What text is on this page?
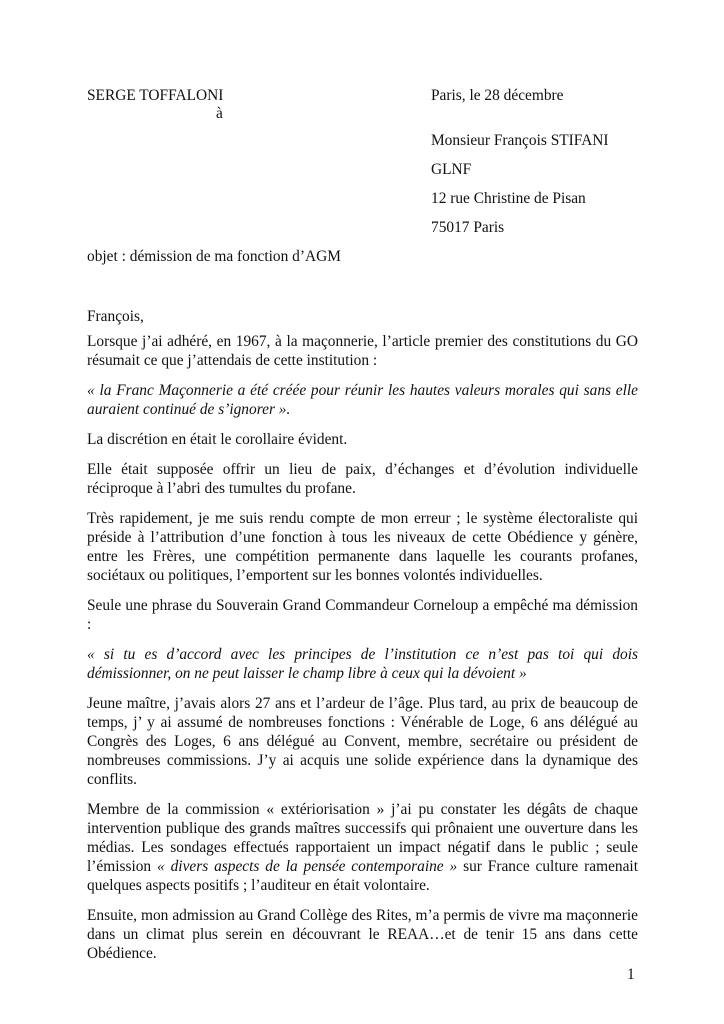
SERGE TOFFALONI
à
Paris, le 28 décembre
Monsieur François STIFANI
GLNF
12 rue Christine de Pisan
75017 Paris
objet : démission de ma fonction d’AGM
François,

Lorsque j’ai adhéré, en 1967, à la maçonnerie, l’article premier des constitutions du GO résumait ce que j’attendais de cette institution :

« la Franc Maçonnerie a été créée pour réunir les hautes valeurs morales qui sans elle auraient continué de s’ignorer ».

La discrétion en était le corollaire évident.

Elle était supposée offrir un lieu de paix, d’échanges et d’évolution individuelle réciproque à l’abri des tumultes du profane.

Très rapidement, je me suis rendu compte de mon erreur ; le système électoraliste qui préside à l’attribution d’une fonction à tous les niveaux de cette Obédience y génère, entre les Frères, une compétition permanente dans laquelle les courants profanes, sociétaux ou politiques, l’emportent sur les bonnes volontés individuelles.

Seule une phrase du Souverain Grand Commandeur Corneloup a empêché ma démission :

« si tu es d’accord avec les principes de l’institution ce n’est pas toi qui dois démissionner, on ne peut laisser le champ libre à ceux qui la dévoient »

Jeune maître, j’avais alors 27 ans et l’ardeur de l’âge. Plus tard, au prix de beaucoup de temps, j’ y ai assumé de nombreuses fonctions : Vénérable de Loge, 6 ans délégué au Congrès des Loges, 6 ans délégué au Convent, membre, secrétaire ou président de nombreuses commissions. J’y ai acquis une solide expérience dans la dynamique des conflits.

Membre de la commission « extériorisation » j’ai pu constater les dégâts de chaque intervention publique des grands maîtres successifs qui prônaient une ouverture dans les médias. Les sondages effectués rapportaient un impact négatif dans le public ; seule l’émission « divers aspects de la pensée contemporaine » sur France culture ramenait quelques aspects positifs ; l’auditeur en était volontaire.

Ensuite, mon admission au Grand Collège des Rites, m’a permis de vivre ma maçonnerie dans un climat plus serein en découvrant le REAA…et de tenir 15 ans dans cette Obédience.

1
